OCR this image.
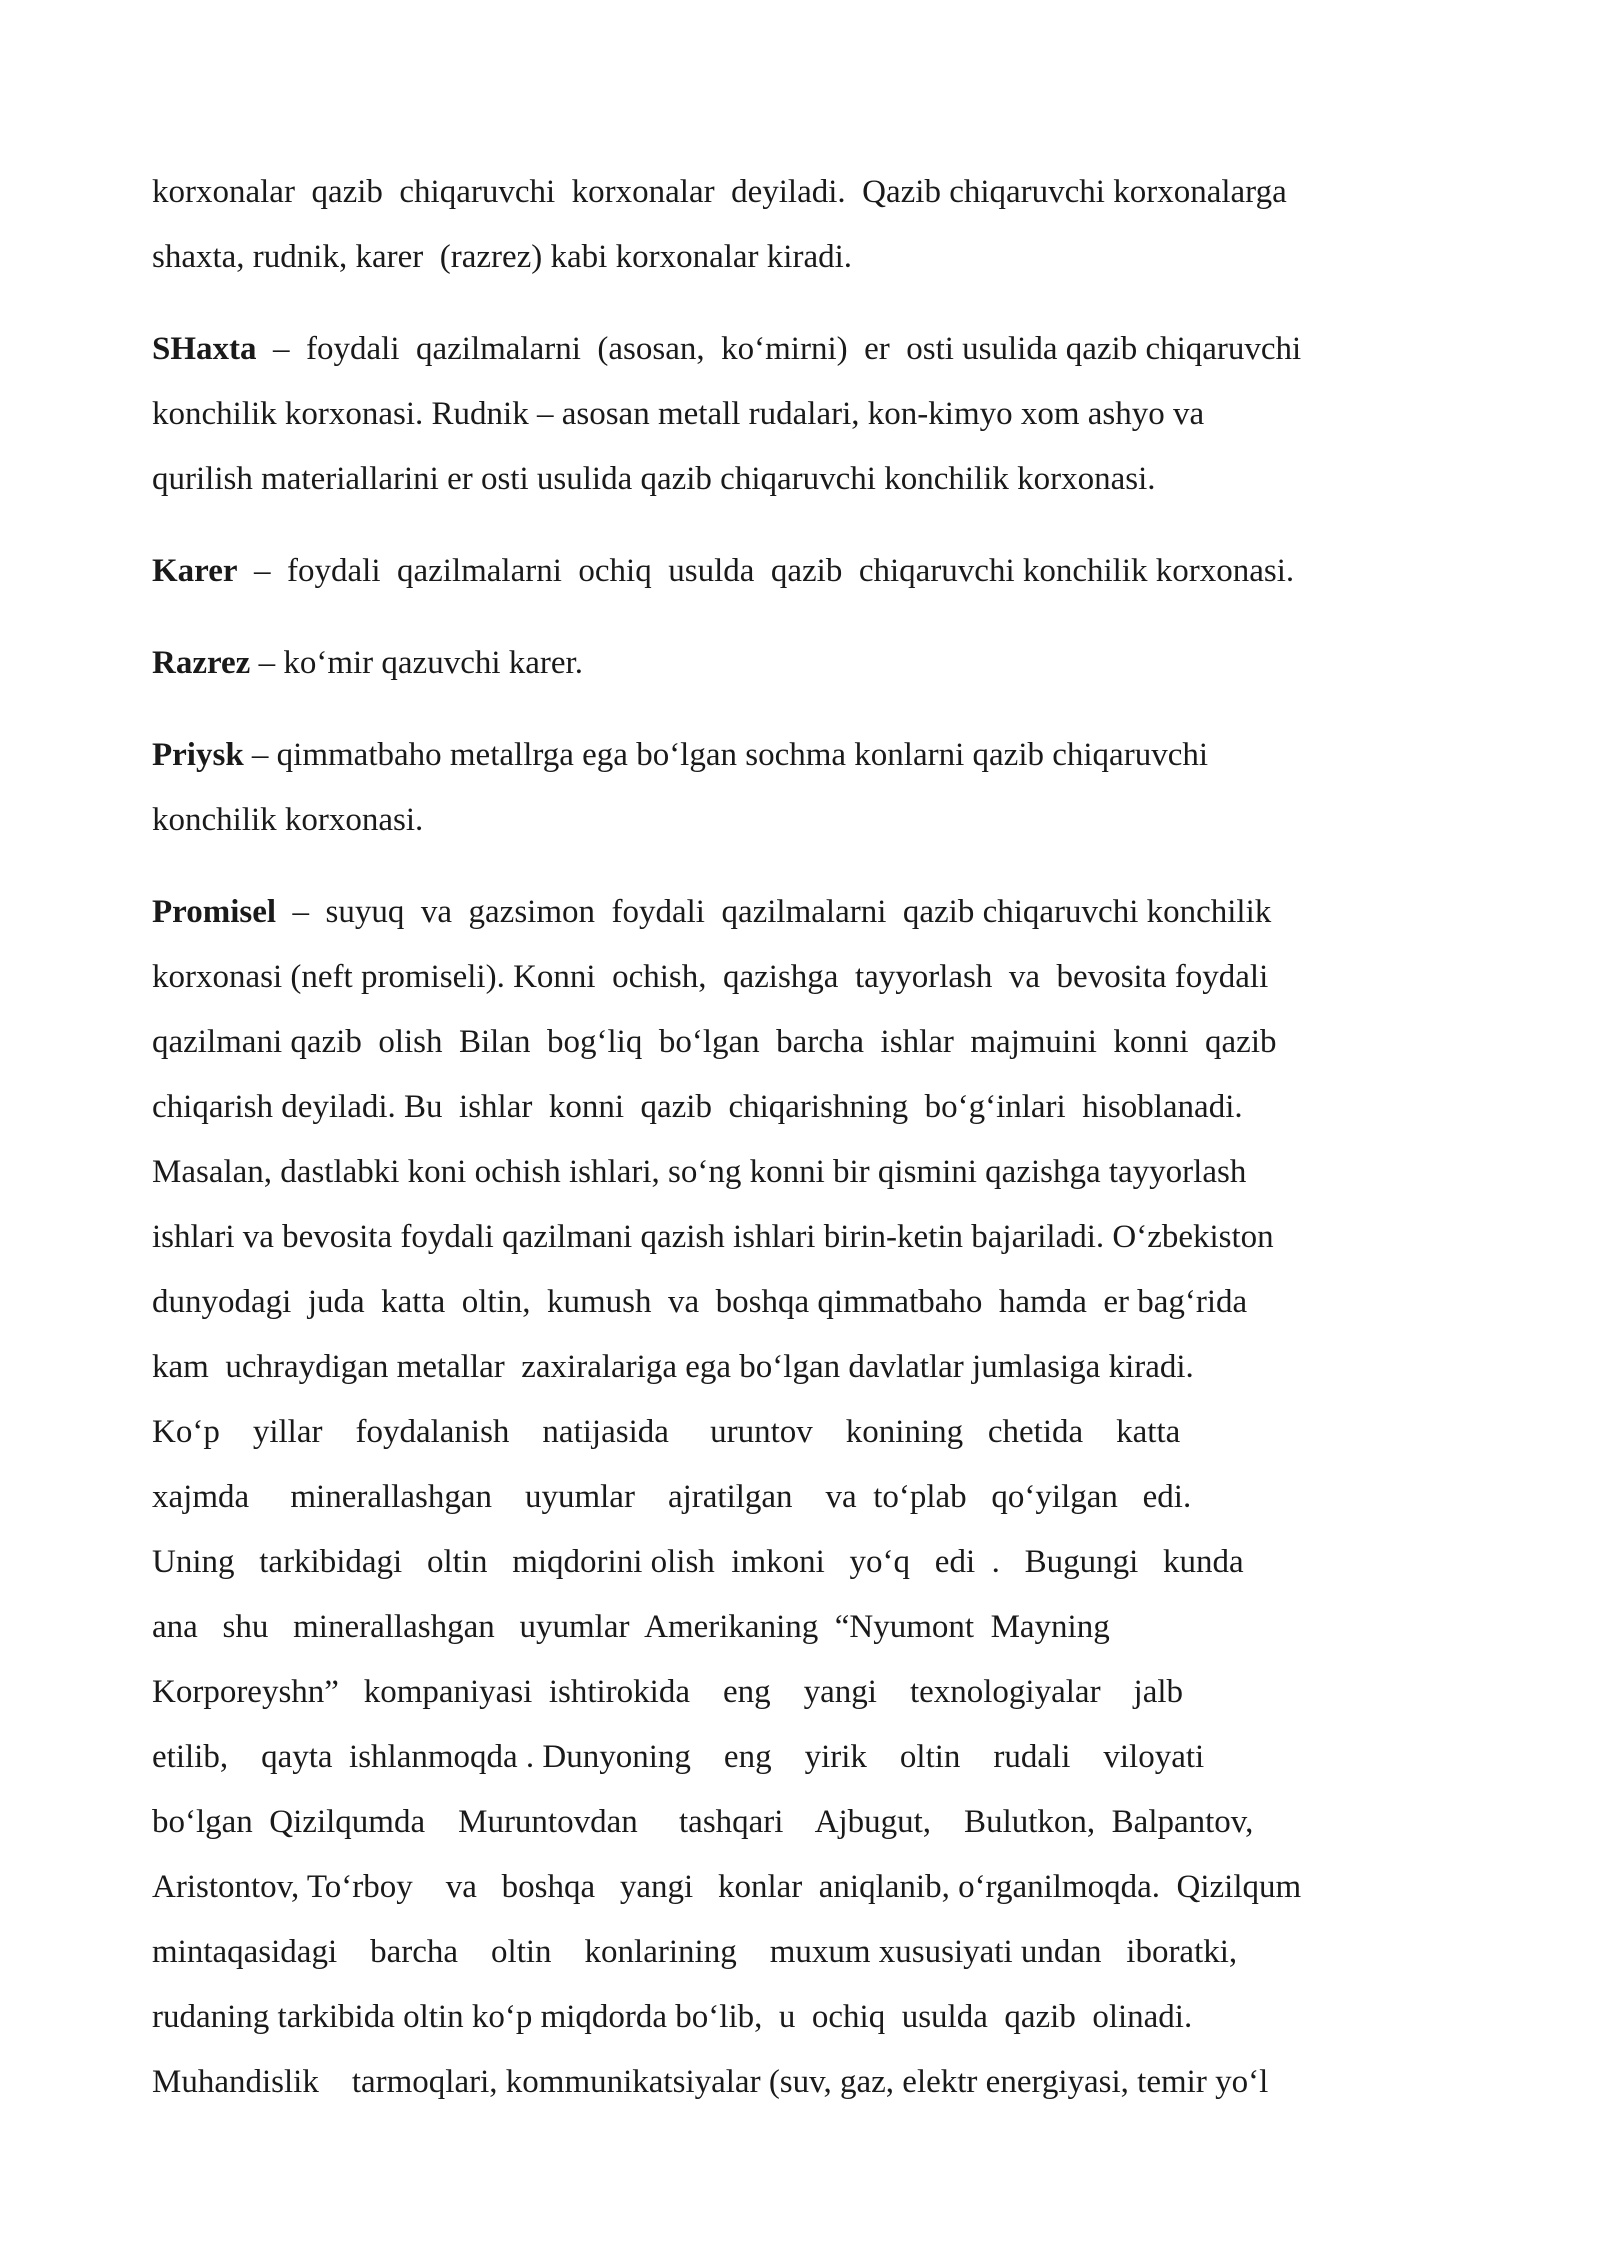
korxonalar  qazib  chiqaruvchi  korxonalar  deyiladi.  Qazib chiqaruvchi korxonalarga
shaxta, rudnik, karer  (razrez) kabi korxonalar kiradi.
SHaxta  –  foydali  qazilmalarni  (asosan,  ko‘mirni)  er  osti usulida qazib chiqaruvchi
konchilik korxonasi. Rudnik – asosan metall rudalari, kon-kimyo xom ashyo va
qurilish materiallarini er osti usulida qazib chiqaruvchi konchilik korxonasi.
Karer  –  foydali  qazilmalarni  ochiq  usulda  qazib  chiqaruvchi konchilik korxonasi.
Razrez – ko‘mir qazuvchi karer.
Priysk – qimmatbaho metallrga ega bo‘lgan sochma konlarni qazib chiqaruvchi
konchilik korxonasi.
Promisel  –  suyuq  va  gazsimon  foydali  qazilmalarni  qazib chiqaruvchi konchilik
korxonasi (neft promiseli). Konni  ochish,  qazishga  tayyorlash  va  bevosita foydali
qazilmani qazib  olish  Bilan  bog‘liq  bo‘lgan  barcha  ishlar  majmuini  konni  qazib
chiqarish deyiladi. Bu  ishlar  konni  qazib  chiqarishning  bo‘g‘inlari  hisoblanadi.
Masalan, dastlabki koni ochish ishlari, so‘ng konni bir qismini qazishga tayyorlash
ishlari va bevosita foydali qazilmani qazish ishlari birin-ketin bajariladi. O‘zbekiston
dunyodagi  juda  katta  oltin,  kumush  va  boshqa qimmatbaho  hamda  er bag‘rida
kam  uchraydigan metallar  zaxiralariga ega bo‘lgan davlatlar jumlasiga kiradi.
Ko‘p    yillar    foydalanish    natijasida     uruntov    konining   chetida    katta
xajmda     minerallashgan    uyumlar    ajratilgan    va  to‘plab   qo‘yilgan   edi.
Uning   tarkibidagi   oltin   miqdorini olish  imkoni   yo‘q   edi  .   Bugungi   kunda
ana   shu   minerallashgan   uyumlar  Amerikaning  “Nyumont  Mayning
Korporeyshn”   kompaniyasi  ishtirokida    eng    yangi    texnologiyalar    jalb
etilib,    qayta  ishlanmoqda . Dunyoning    eng    yirik    oltin    rudali    viloyati
bo‘lgan  Qizilqumda    Muruntovdan     tashqari    Ajbugut,    Bulutkon,  Balpantov,
Aristontov, To‘rboy    va   boshqa   yangi   konlar  aniqlanib, o‘rganilmoqda.  Qizilqum
mintaqasidagi    barcha    oltin    konlarining    muxum xususiyati undan   iboratki,
rudaning tarkibida oltin ko‘p miqdorda bo‘lib,  u  ochiq  usulda  qazib  olinadi.
Muhandislik    tarmoqlari, kommunikatsiyalar (suv, gaz, elektr energiyasi, temir yo‘l
